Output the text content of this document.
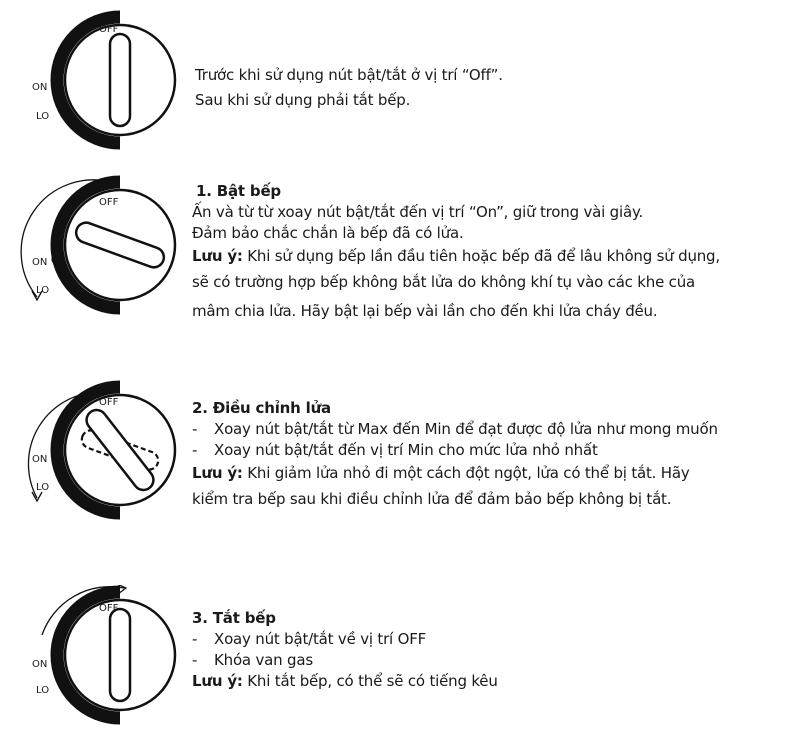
OFF
ON
LO
Trước khi sử dụng nút bật/tắt ở vị trí “Off”.
Sau khi sử dụng phải tắt bếp.
OFF
ON
LO
1. Bật bếp
Ấn và từ từ xoay nút bật/tắt đến vị trí “On”, giữ trong vài giây.
Đảm bảo chắc chắn là bếp đã có lửa.
Lưu ý: Khi sử dụng bếp lần đầu tiên hoặc bếp đã để lâu không sử dụng,
sẽ có trường hợp bếp không bắt lửa do không khí tụ vào các khe của
mâm chia lửa. Hãy bật lại bếp vài lần cho đến khi lửa cháy đều.
OFF
ON
LO
2. Điều chỉnh lửa
- Xoay nút bật/tắt từ Max đến Min để đạt được độ lửa như mong muốn
- Xoay nút bật/tắt đến vị trí Min cho mức lửa nhỏ nhất
Lưu ý: Khi giảm lửa nhỏ đi một cách đột ngột, lửa có thể bị tắt. Hãy
kiểm tra bếp sau khi điều chỉnh lửa để đảm bảo bếp không bị tắt.
OFF
ON
LO
3. Tắt bếp
- Xoay nút bật/tắt về vị trí OFF
- Khóa van gas
Lưu ý: Khi tắt bếp, có thể sẽ có tiếng kêu
